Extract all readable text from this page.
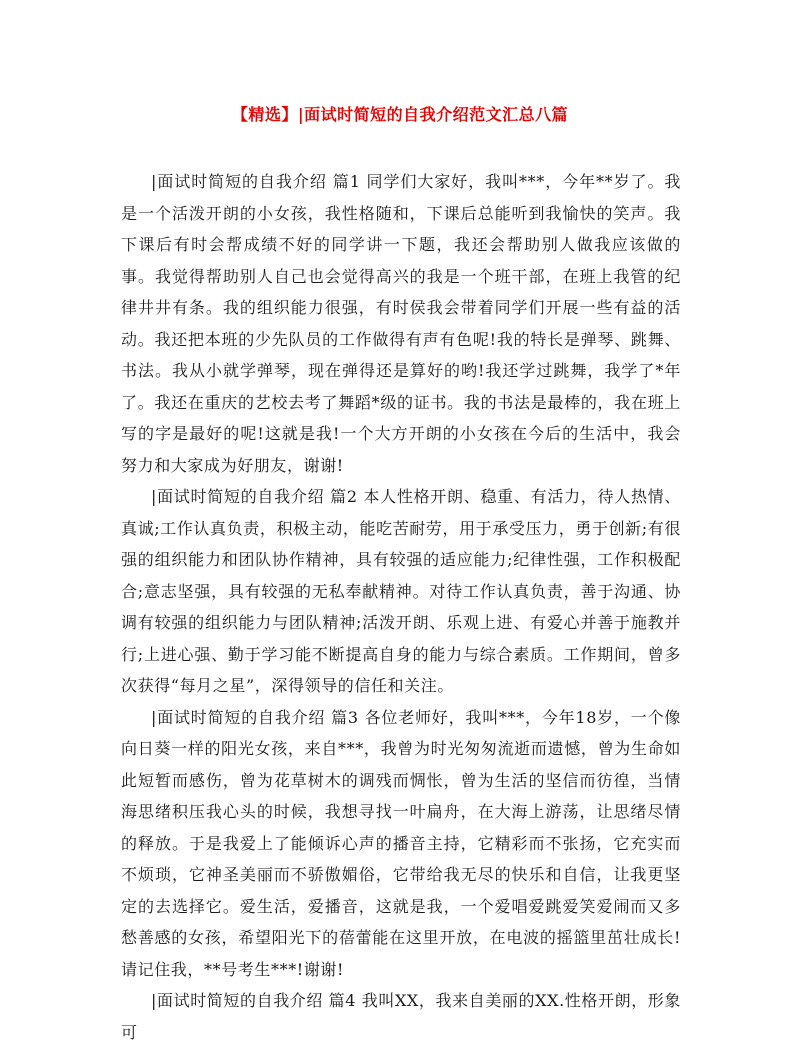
【精选】|面试时简短的自我介绍范文汇总八篇

|面试时简短的自我介绍 篇1 同学们大家好，我叫***，今年**岁了。我是一个活泼开朗的小女孩，我性格随和，下课后总能听到我愉快的笑声。我下课后有时会帮成绩不好的同学讲一下题，我还会帮助别人做我应该做的事。我觉得帮助别人自己也会觉得高兴的我是一个班干部，在班上我管的纪律井井有条。我的组织能力很强，有时侯我会带着同学们开展一些有益的活动。我还把本班的少先队员的工作做得有声有色呢!我的特长是弹琴、跳舞、书法。我从小就学弹琴，现在弹得还是算好的哟!我还学过跳舞，我学了*年了。我还在重庆的艺校去考了舞蹈*级的证书。我的书法是最棒的，我在班上写的字是最好的呢!这就是我!一个大方开朗的小女孩在今后的生活中，我会努力和大家成为好朋友，谢谢!

|面试时简短的自我介绍 篇2 本人性格开朗、稳重、有活力，待人热情、真诚;工作认真负责，积极主动，能吃苦耐劳，用于承受压力，勇于创新;有很强的组织能力和团队协作精神，具有较强的适应能力;纪律性强，工作积极配合;意志坚强，具有较强的无私奉献精神。对待工作认真负责，善于沟通、协调有较强的组织能力与团队精神;活泼开朗、乐观上进、有爱心并善于施教并行;上进心强、勤于学习能不断提高自身的能力与综合素质。工作期间，曾多次获得“每月之星”，深得领导的信任和关注。

|面试时简短的自我介绍 篇3 各位老师好，我叫***，今年18岁，一个像向日葵一样的阳光女孩，来自***，我曾为时光匆匆流逝而遗憾，曾为生命如此短暂而感伤，曾为花草树木的调残而惆怅，曾为生活的坚信而彷徨，当情海思绪积压我心头的时候，我想寻找一叶扁舟，在大海上游荡，让思绪尽情的释放。于是我爱上了能倾诉心声的播音主持，它精彩而不张扬，它充实而不烦琐，它神圣美丽而不骄傲媚俗，它带给我无尽的快乐和自信，让我更坚定的去选择它。爱生活，爱播音，这就是我，一个爱唱爱跳爱笑爱闹而又多愁善感的女孩，希望阳光下的蓓蕾能在这里开放，在电波的摇篮里茁壮成长!请记住我，**号考生***!谢谢!

|面试时简短的自我介绍 篇4 我叫XX，我来自美丽的XX.性格开朗，形象可
